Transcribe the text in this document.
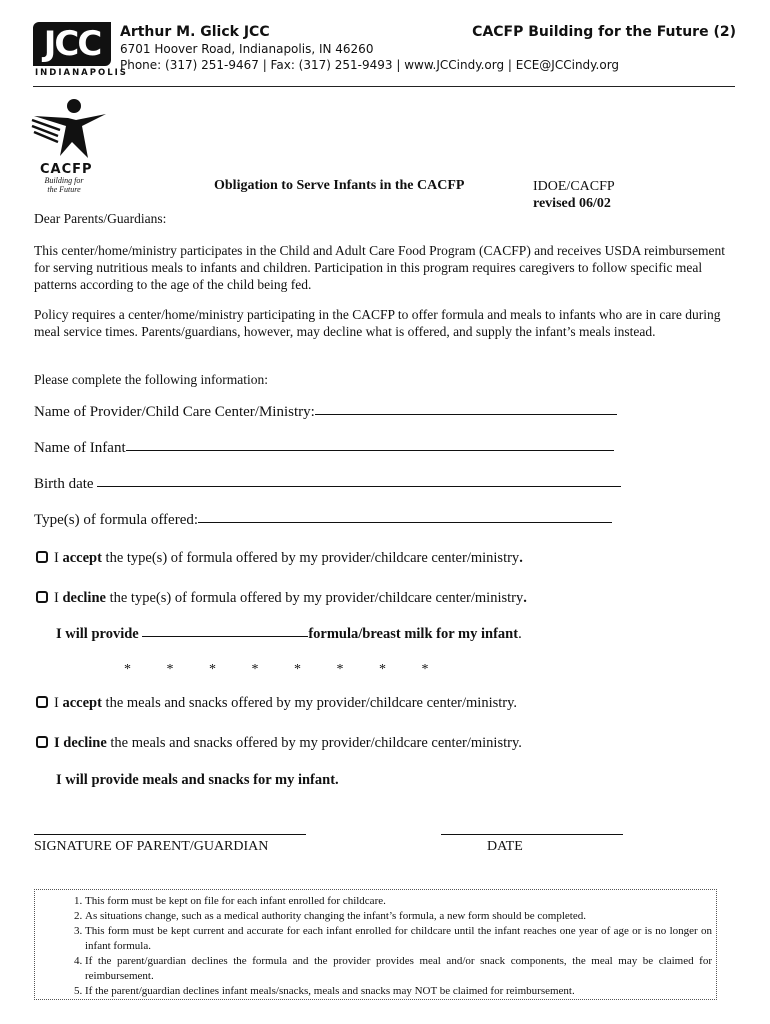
JCC
INDIANAPOLIS
Arthur M. Glick JCC	CACFP Building for the Future (2)
6701 Hoover Road, Indianapolis, IN 46260
Phone: (317) 251-9467 | Fax: (317) 251-9493 | www.JCCindy.org | ECE@JCCindy.org
CACFP
Building for
the Future	Obligation to Serve Infants in the CACFP	IDOE/CACFP
revised 06/02
Dear Parents/Guardians:
This center/home/ministry participates in the Child and Adult Care Food Program (CACFP) and receives USDA reimbursement for serving nutritious meals to infants and children. Participation in this program requires caregivers to follow specific meal patterns according to the age of the child being fed.
Policy requires a center/home/ministry participating in the CACFP to offer formula and meals to infants who are in care during meal service times. Parents/guardians, however, may decline what is offered, and supply the infant’s meals instead.
Please complete the following information:
Name of Provider/Child Care Center/Ministry:
Name of Infant
Birth date
Type(s) of formula offered:
I accept the type(s) of formula offered by my provider/childcare center/ministry.
I decline the type(s) of formula offered by my provider/childcare center/ministry.
I will provide	formula/breast milk for my infant.
* * * * * * * *
I accept the meals and snacks offered by my provider/childcare center/ministry.
I decline the meals and snacks offered by my provider/childcare center/ministry.
I will provide meals and snacks for my infant.
SIGNATURE OF PARENT/GUARDIAN	DATE
1. This form must be kept on file for each infant enrolled for childcare.
2. As situations change, such as a medical authority changing the infant’s formula, a new form should be completed.
3. This form must be kept current and accurate for each infant enrolled for childcare until the infant reaches one year of age or is no longer on infant formula.
4. If the parent/guardian declines the formula and the provider provides meal and/or snack components, the meal may be claimed for reimbursement.
5. If the parent/guardian declines infant meals/snacks, meals and snacks may NOT be claimed for reimbursement.
